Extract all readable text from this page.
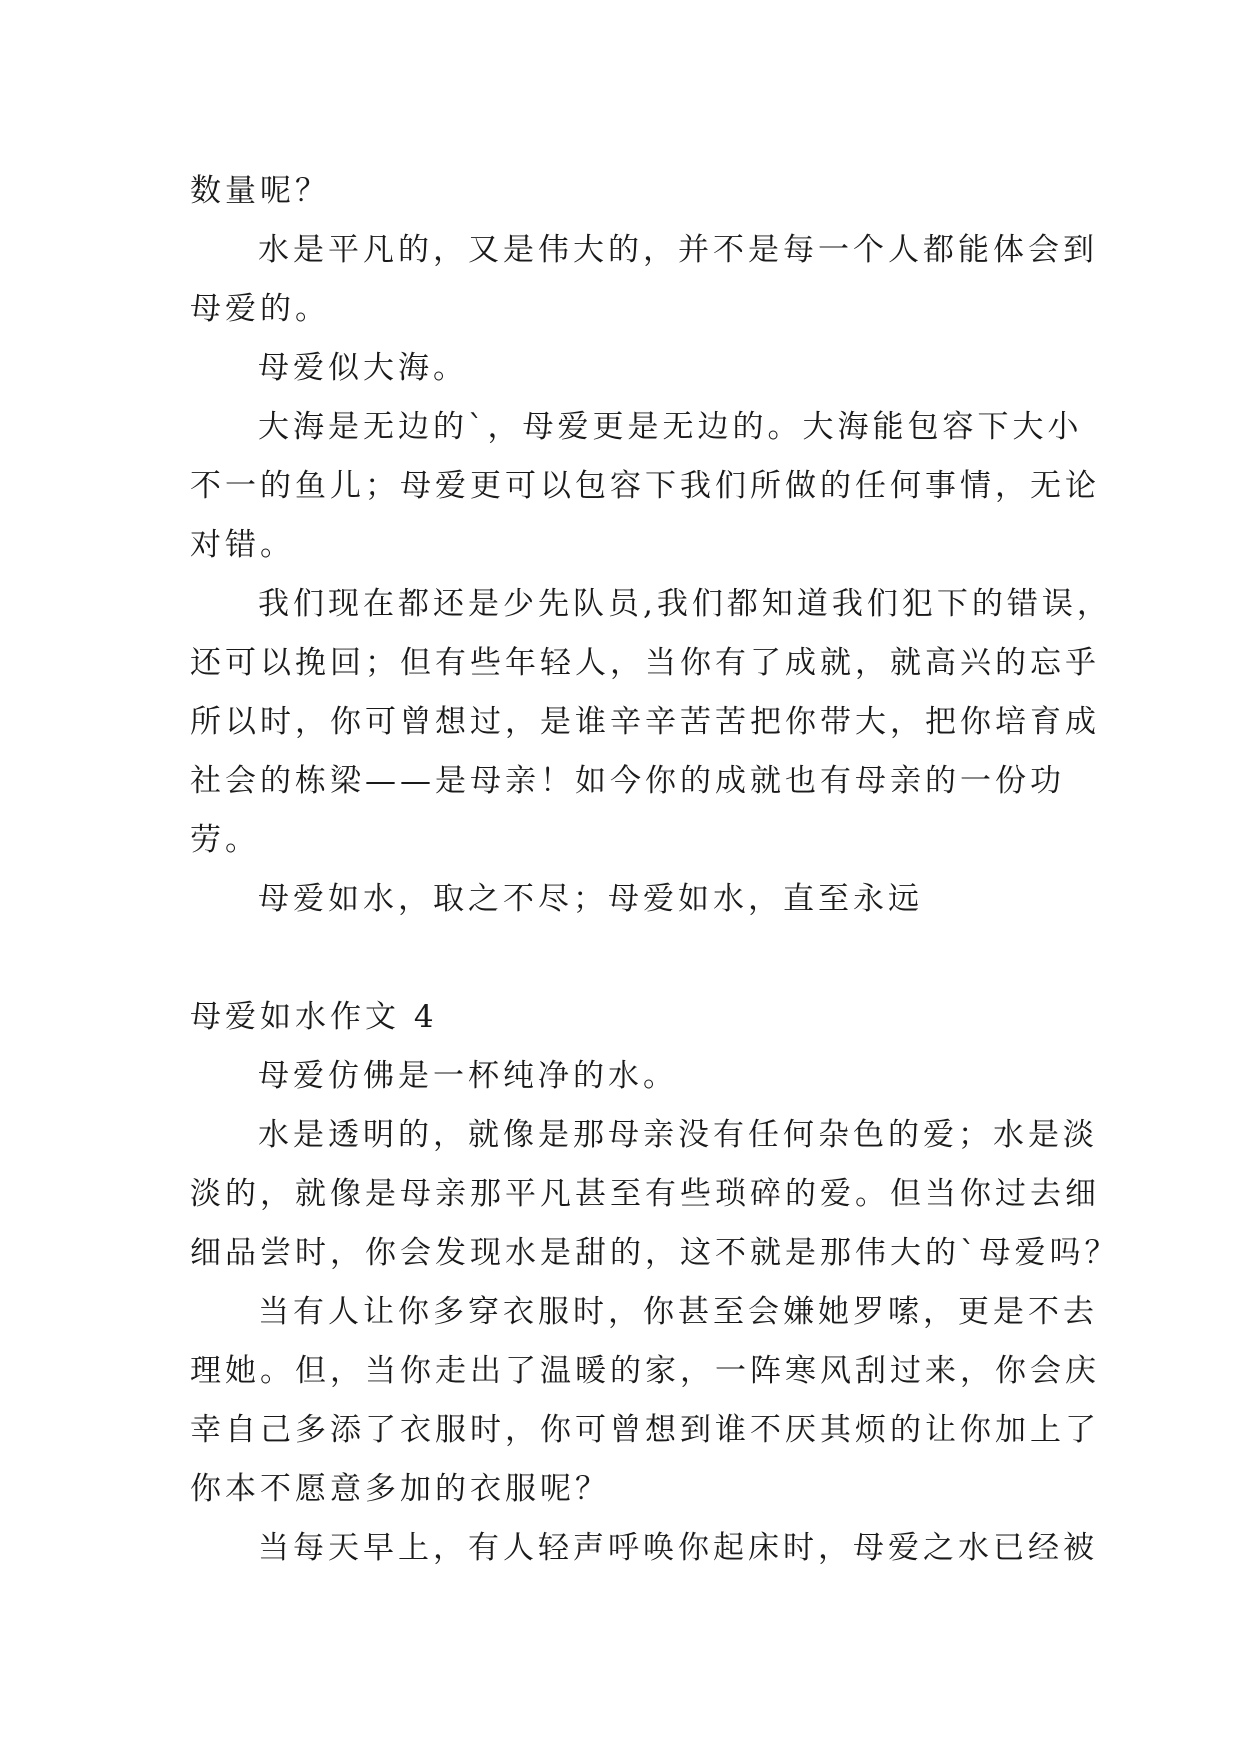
数量呢？
水是平凡的，又是伟大的，并不是每一个人都能体会到
母爱的。
母爱似大海。
大海是无边的`，母爱更是无边的。大海能包容下大小
不一的鱼儿；母爱更可以包容下我们所做的任何事情，无论
对错。
我们现在都还是少先队员,我们都知道我们犯下的错误，
还可以挽回；但有些年轻人，当你有了成就，就高兴的忘乎
所以时，你可曾想过，是谁辛辛苦苦把你带大，把你培育成
社会的栋梁——是母亲！如今你的成就也有母亲的一份功
劳。
母爱如水，取之不尽；母爱如水，直至永远
母爱如水作文 4
母爱仿佛是一杯纯净的水。
水是透明的，就像是那母亲没有任何杂色的爱；水是淡
淡的，就像是母亲那平凡甚至有些琐碎的爱。但当你过去细
细品尝时，你会发现水是甜的，这不就是那伟大的`母爱吗？
当有人让你多穿衣服时，你甚至会嫌她罗嗦，更是不去
理她。但，当你走出了温暖的家，一阵寒风刮过来，你会庆
幸自己多添了衣服时，你可曾想到谁不厌其烦的让你加上了
你本不愿意多加的衣服呢？
当每天早上，有人轻声呼唤你起床时，母爱之水已经被
